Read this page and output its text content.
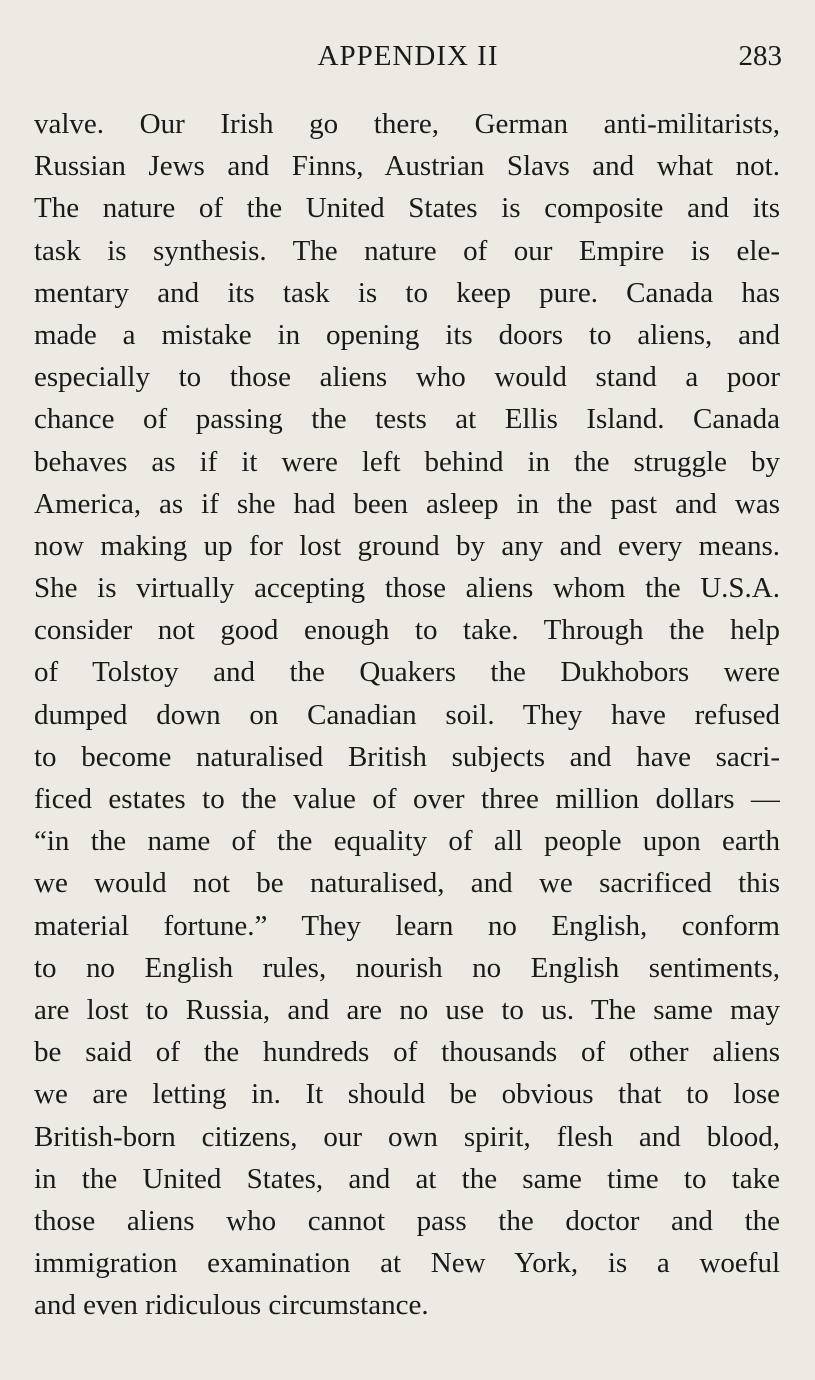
APPENDIX II	283
valve. Our Irish go there, German anti-militarists,
Russian Jews and Finns, Austrian Slavs and what not.
The nature of the United States is composite and its
task is synthesis. The nature of our Empire is ele-
mentary and its task is to keep pure. Canada has
made a mistake in opening its doors to aliens, and
especially to those aliens who would stand a poor
chance of passing the tests at Ellis Island. Canada
behaves as if it were left behind in the struggle by
America, as if she had been asleep in the past and was
now making up for lost ground by any and every means.
She is virtually accepting those aliens whom the U.S.A.
consider not good enough to take. Through the help
of Tolstoy and the Quakers the Dukhobors were
dumped down on Canadian soil. They have refused
to become naturalised British subjects and have sacri-
ficed estates to the value of over three million dollars —
“in the name of the equality of all people upon earth
we would not be naturalised, and we sacrificed this
material fortune.” They learn no English, conform
to no English rules, nourish no English sentiments,
are lost to Russia, and are no use to us. The same may
be said of the hundreds of thousands of other aliens
we are letting in. It should be obvious that to lose
British-born citizens, our own spirit, flesh and blood,
in the United States, and at the same time to take
those aliens who cannot pass the doctor and the
immigration examination at New York, is a woeful
and even ridiculous circumstance.
